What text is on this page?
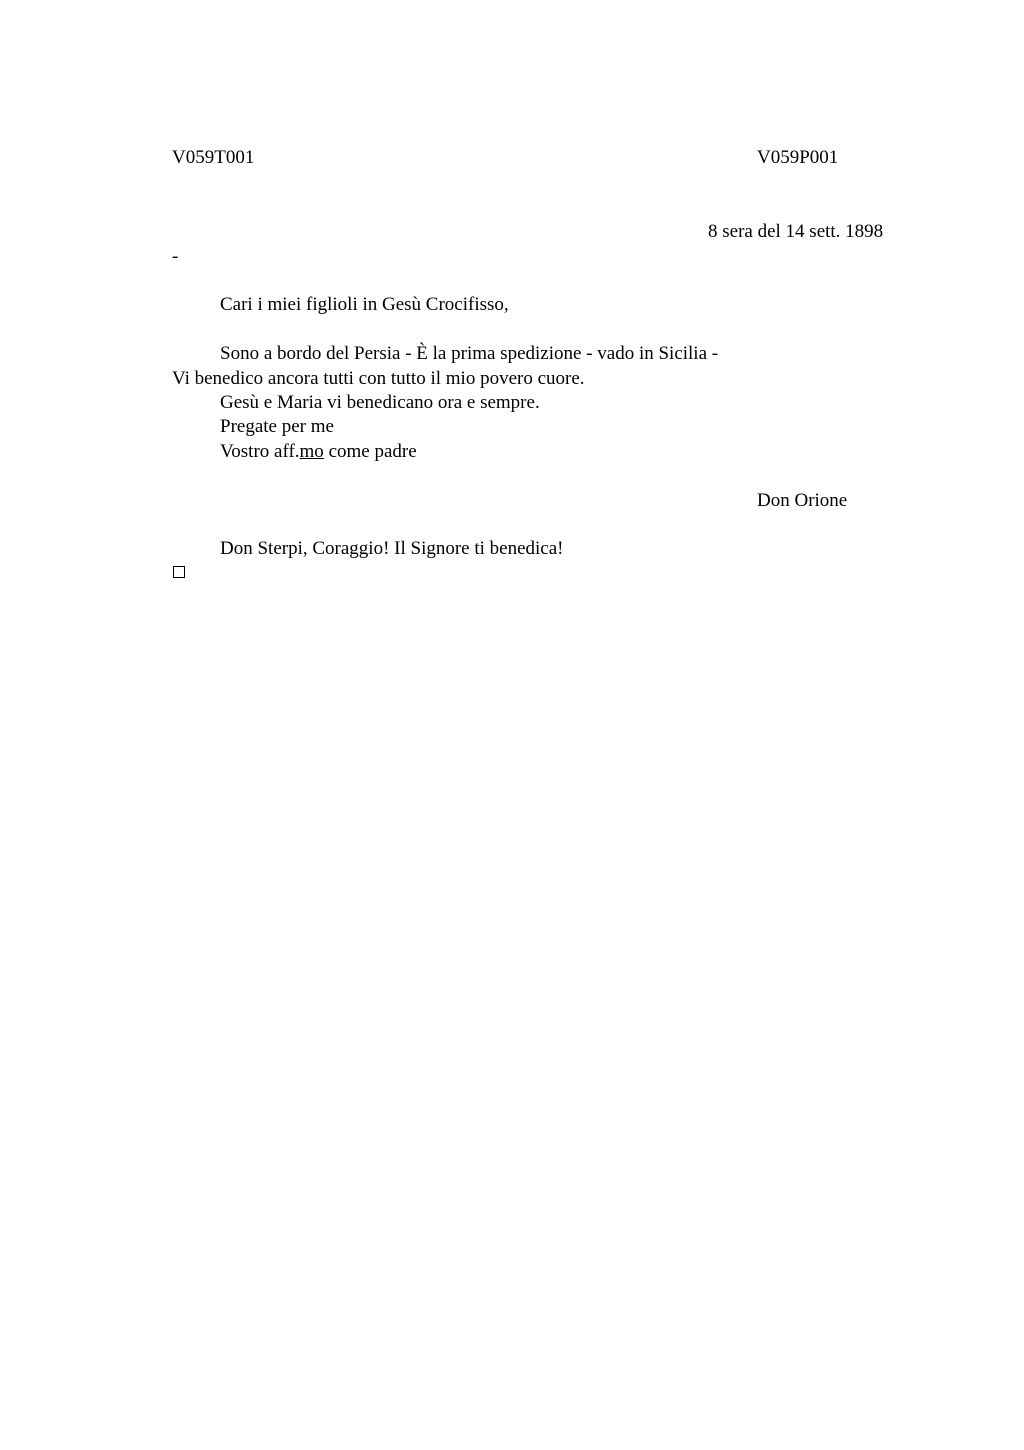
V059T001	V059P001
8 sera del 14 sett. 1898
-
Cari i miei figlioli in Gesù Crocifisso,
Sono a bordo del Persia - È la prima spedizione - vado in Sicilia -
Vi benedico ancora tutti con tutto il mio povero cuore.
Gesù e Maria vi benedicano ora e sempre.
Pregate per me
Vostro aff.mo come padre
Don Orione
Don Sterpi, Coraggio! Il Signore ti benedica!
